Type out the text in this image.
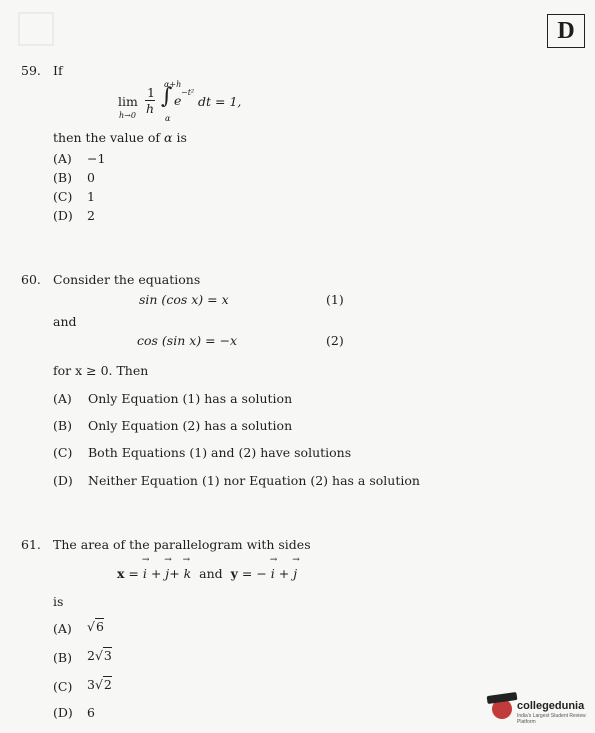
D
59. If
lim
h→0
1
h
α+h
∫
α
e
−t²
dt = 1,
then the value of α is
(A) −1
(B) 0
(C) 1
(D) 2
60. Consider the equations
sin (cos x) = x	(1)
and
cos (sin x) = −x	(2)
for x ≥ 0. Then
(A) Only Equation (1) has a solution
(B) Only Equation (2) has a solution
(C) Both Equations (1) and (2) have solutions
(D) Neither Equation (1) nor Equation (2) has a solution
61. The area of the parallelogram with sides
x = → i + → j+ → k and y = − → i + → j
is
(A) √6
(B) 2√3
(C) 3√2
(D) 6	collegedunia
India's Largest Student Review Platform
